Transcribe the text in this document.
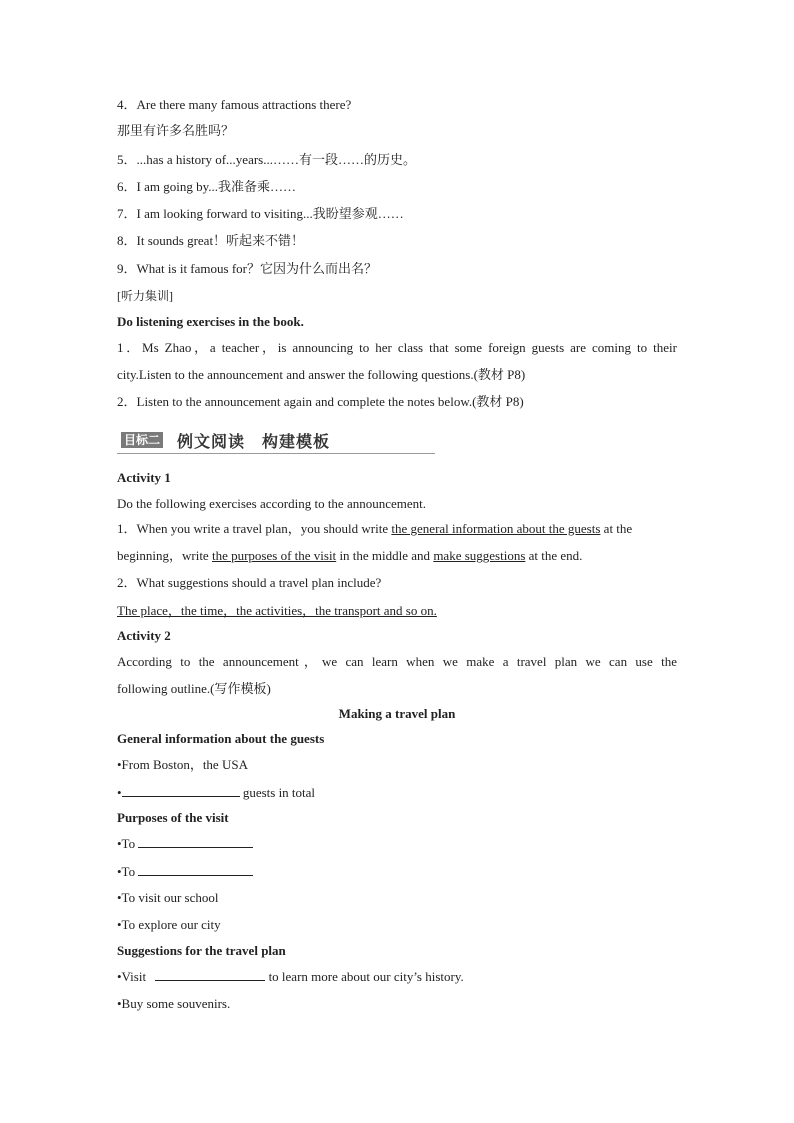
4．Are there many famous attractions there?
那里有许多名胜吗？
5．...has a history of...years...……有一段……的历史。
6．I am going by...我准备乘……
7．I am looking forward to visiting...我盼望参观……
8．It sounds great！听起来不错！
9．What is it famous for？它因为什么而出名？
[听力集训]
Do listening exercises in the book.
1．Ms Zhao，a teacher，is announcing to her class that some foreign guests are coming to their
city.Listen to the announcement and answer the following questions.(教材 P8)
2．Listen to the announcement again and complete the notes below.(教材 P8)
目标二 例文阅读　构建模板
Activity 1
Do the following exercises according to the announcement.
1．When you write a travel plan，you should write the general information about the guests at the
beginning，write the purposes of the visit in the middle and make suggestions at the end.
2．What suggestions should a travel plan include?
The place，the time，the activities，the transport and so on.
Activity 2
According to the announcement，we can learn when we make a travel plan we can use the
following outline.(写作模板)
Making a travel plan
General information about the guests
•From Boston，the USA
•	guests in total
Purposes of the visit
•To
•To
•To visit our school
•To explore our city
Suggestions for the travel plan
•Visit	to learn more about our city’s history.
•Buy some souvenirs.
